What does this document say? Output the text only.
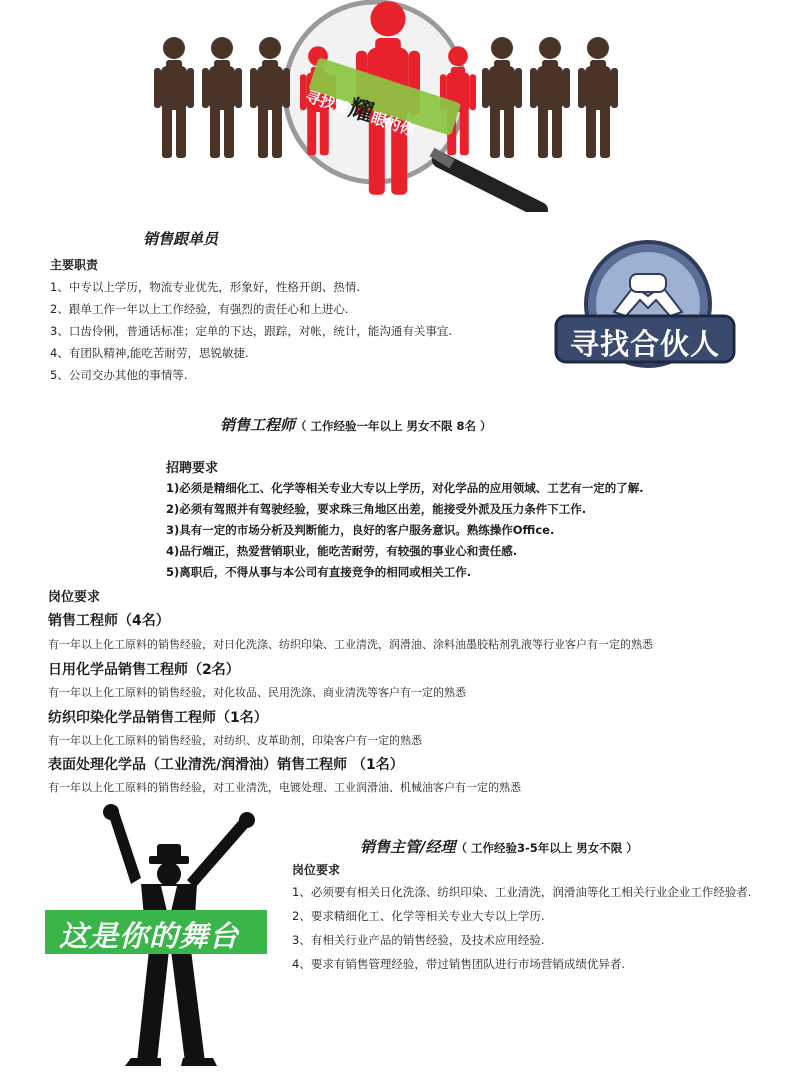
寻找最耀眼的你
寻找合伙人
销售跟单员
主要职责
1、中专以上学历，物流专业优先，形象好，性格开朗、热情.
2、跟单工作一年以上工作经验，有强烈的责任心和上进心.
3、口齿伶俐，普通话标准；定单的下达，跟踪，对帐，统计，能沟通有关事宜.
4、有团队精神,能吃苦耐劳，思锐敏捷.
5、公司交办其他的事情等.
销售工程师（ 工作经验一年以上 男女不限 8名 ）
招聘要求
1)必须是精细化工、化学等相关专业大专以上学历，对化学品的应用领域、工艺有一定的了解.
2)必须有驾照并有驾驶经验，要求珠三角地区出差，能接受外派及压力条件下工作.
3)具有一定的市场分析及判断能力，良好的客户服务意识。熟练操作Office.
4)品行端正，热爱营销职业，能吃苦耐劳，有较强的事业心和责任感.
5)离职后，不得从事与本公司有直接竞争的相同或相关工作.
岗位要求
销售工程师（4名）
有一年以上化工原料的销售经验，对日化洗涤、纺织印染、工业清洗，润滑油、涂料油墨胶粘剂乳液等行业客户有一定的熟悉
日用化学品销售工程师（2名）
有一年以上化工原料的销售经验，对化妆品、民用洗涤、商业清洗等客户有一定的熟悉
纺织印染化学品销售工程师（1名）
有一年以上化工原料的销售经验，对纺织、皮革助剂，印染客户有一定的熟悉
表面处理化学品（工业清洗/润滑油）销售工程师 （1名）
有一年以上化工原料的销售经验，对工业清洗，电镀处理、工业润滑油、机械油客户有一定的熟悉
这是你的舞台
销售主管/经理（ 工作经验3-5年以上 男女不限 ）
岗位要求
1、必须要有相关日化洗涤、纺织印染、工业清洗，润滑油等化工相关行业企业工作经验者.
2、要求精细化工、化学等相关专业大专以上学历.
3、有相关行业产品的销售经验，及技术应用经验.
4、要求有销售管理经验，带过销售团队进行市场营销成绩优异者.
